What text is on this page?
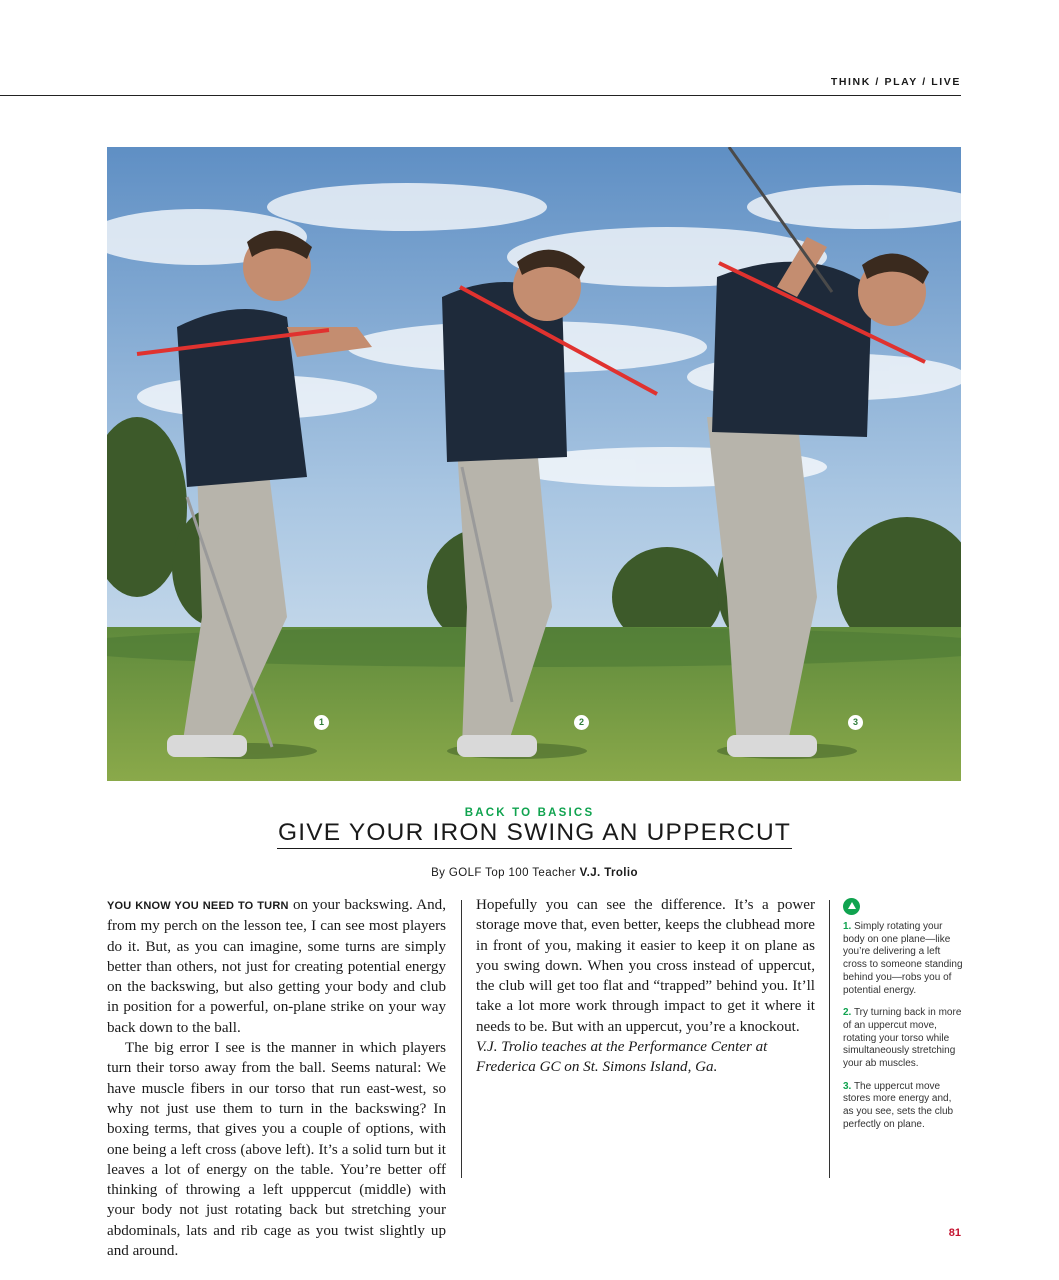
THINK / PLAY / LIVE
1	2	3
BACK TO BASICS
GIVE YOUR IRON SWING AN UPPERCUT
By GOLF Top 100 Teacher V.J. Trolio

YOU KNOW YOU NEED TO TURN on your backswing. And, from my perch on the lesson tee, I can see most players do it. But, as you can imagine, some turns are simply better than others, not just for creating potential energy on the backswing, but also getting your body and club in position for a powerful, on-plane strike on your way back down to the ball.

The big error I see is the manner in which players turn their torso away from the ball. Seems natural: We have muscle fibers in our torso that run east-west, so why not just use them to turn in the backswing? In boxing terms, that gives you a couple of options, with one being a left cross (above left). It’s a solid turn but it leaves a lot of energy on the table. You’re better off thinking of throwing a left upppercut (middle) with your body not just rotating back but stretching your abdominals, lats and rib cage as you twist slightly up and around.

Hopefully you can see the difference. It’s a power storage move that, even better, keeps the clubhead more in front of you, making it easier to keep it on plane as you swing down. When you cross instead of uppercut, the club will get too flat and “trapped” behind you. It’ll take a lot more work through impact to get it where it needs to be. But with an uppercut, you’re a knockout.

V.J. Trolio teaches at the Performance Center at Frederica GC on St. Simons Island, Ga.

1. Simply rotating your body on one plane—like you’re delivering a left cross to someone standing behind you—robs you of potential energy.

2. Try turning back in more of an uppercut move, rotating your torso while simultaneously stretching your ab muscles.

3. The uppercut move stores more energy and, as you see, sets the club perfectly on plane.

81
